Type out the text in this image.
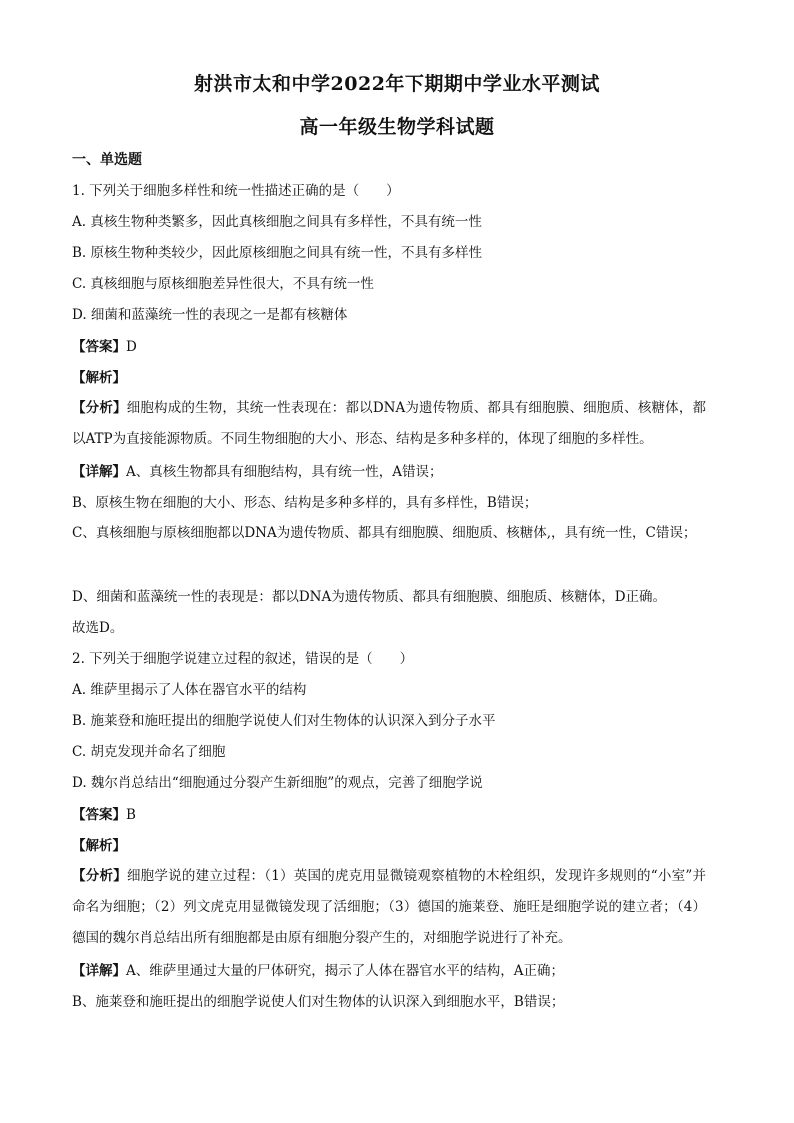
射洪市太和中学2022年下期期中学业水平测试
高一年级生物学科试题
一、单选题
1. 下列关于细胞多样性和统一性描述正确的是（　　）
A. 真核生物种类繁多，因此真核细胞之间具有多样性，不具有统一性
B. 原核生物种类较少，因此原核细胞之间具有统一性，不具有多样性
C. 真核细胞与原核细胞差异性很大，不具有统一性
D. 细菌和蓝藻统一性的表现之一是都有核糖体
【答案】D
【解析】
【分析】细胞构成的生物，其统一性表现在：都以DNA为遗传物质、都具有细胞膜、细胞质、核糖体，都以ATP为直接能源物质。不同生物细胞的大小、形态、结构是多种多样的，体现了细胞的多样性。
【详解】A、真核生物都具有细胞结构，具有统一性，A错误；
B、原核生物在细胞的大小、形态、结构是多种多样的，具有多样性，B错误；
C、真核细胞与原核细胞都以DNA为遗传物质、都具有细胞膜、细胞质、核糖体,，具有统一性，C错误；
D、细菌和蓝藻统一性的表现是：都以DNA为遗传物质、都具有细胞膜、细胞质、核糖体，D正确。
故选D。
2. 下列关于细胞学说建立过程的叙述，错误的是（　　）
A. 维萨里揭示了人体在器官水平的结构
B. 施莱登和施旺提出的细胞学说使人们对生物体的认识深入到分子水平
C. 胡克发现并命名了细胞
D. 魏尔肖总结出“细胞通过分裂产生新细胞”的观点，完善了细胞学说
【答案】B
【解析】
【分析】细胞学说的建立过程：（1）英国的虎克用显微镜观察植物的木栓组织，发现许多规则的“小室”并命名为细胞；（2）列文虎克用显微镜发现了活细胞；（3）德国的施莱登、施旺是细胞学说的建立者；（4）德国的魏尔肖总结出所有细胞都是由原有细胞分裂产生的，对细胞学说进行了补充。
【详解】A、维萨里通过大量的尸体研究，揭示了人体在器官水平的结构，A正确；
B、施莱登和施旺提出的细胞学说使人们对生物体的认识深入到细胞水平，B错误；
